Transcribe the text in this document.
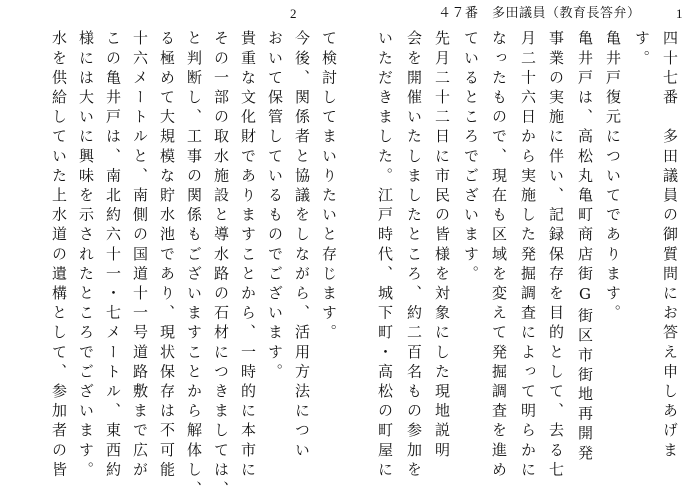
2
水を供給していた上水道の遺構として、参加者の皆 様には大いに興味を示されたところでございます。 この亀井戸は、南北約六十一・七メートル、東西約 十六メートルと、南側の国道十一号道路敷まで広が る極めて大規模な貯水池であり、現状保存は不可能 と判断し、工事の関係もございますことから解体し、 その一部の取水施設と導水路の石材につきましては、 貴重な文化財でありますことから、一時的に本市に おいて保管しているものでございます。 今後、関係者と協議をしながら、活用方法につい て検討してまいりたいと存じます。
1
４７番　多田議員（教育長答弁）
四十七番　多田議員の御質問にお答え申しあげま
す。
亀井戸復元についてであります。
亀井戸は、高松丸亀町商店街G街区市街地再開発
事業の実施に伴い、記録保存を目的として、去る七
月二十六日から実施した発掘調査によって明らかに
なったもので、現在も区域を変えて発掘調査を進め
ているところでございます。
先月二十二日に市民の皆様を対象にした現地説明
会を開催いたしましたところ、約二百名もの参加を
いただきました。江戸時代、城下町・高松の町屋に
